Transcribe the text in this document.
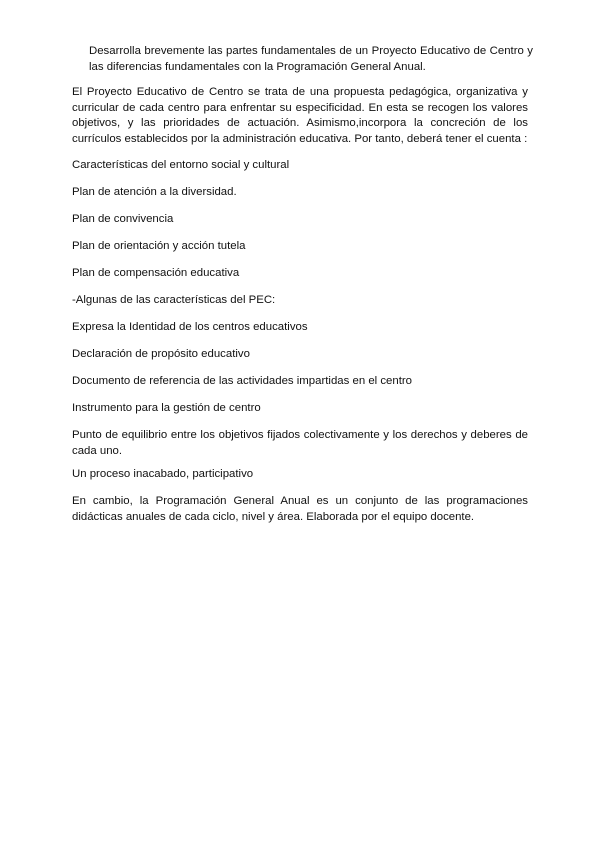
Desarrolla brevemente las partes fundamentales de un Proyecto Educativo de Centro y las diferencias fundamentales con la Programación General Anual.
El Proyecto Educativo de Centro se trata de una propuesta pedagógica, organizativa y curricular de cada centro para enfrentar su especificidad. En esta se recogen los valores objetivos, y las prioridades de actuación. Asimismo,incorpora la concreción de los currículos establecidos por la administración educativa. Por tanto, deberá tener el cuenta :
Características del entorno social y cultural
Plan de atención a la diversidad.
Plan de convivencia
Plan de orientación y acción tutela
Plan de compensación educativa
-Algunas de las características del PEC:
Expresa la Identidad de los centros educativos
Declaración de propósito educativo
Documento de referencia de las actividades impartidas en el centro
Instrumento para la gestión de centro
Punto de equilibrio entre los objetivos fijados colectivamente y los derechos y deberes de cada uno.
Un proceso inacabado, participativo
En cambio, la Programación General Anual es un conjunto de las programaciones didácticas anuales de cada ciclo, nivel y área. Elaborada por el equipo docente.
